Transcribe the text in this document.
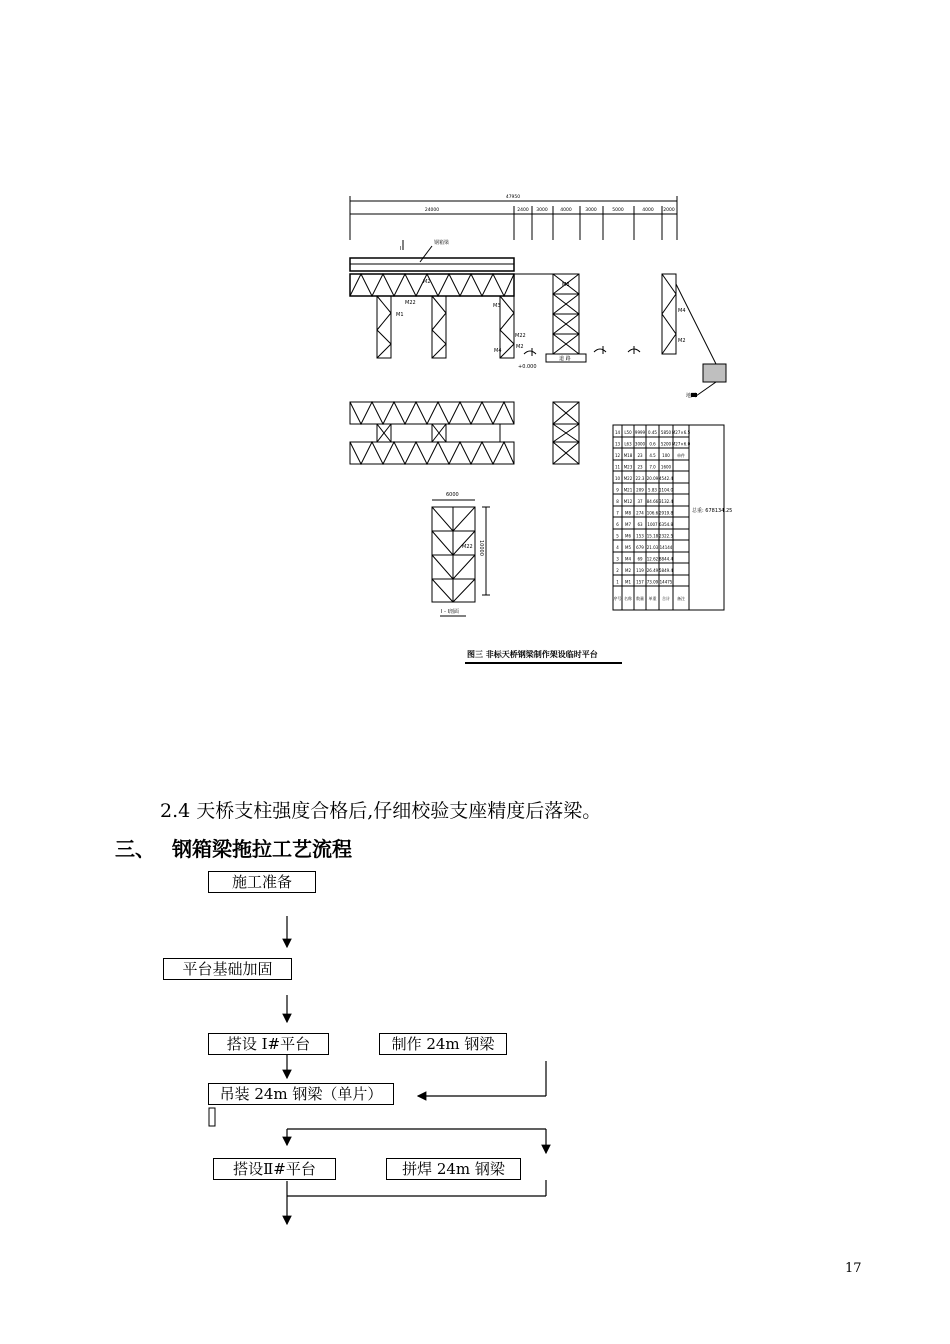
47950
24000	2400 3000	4000	3000	5000	4000 2000
Ⅰ
钢箱梁
M2
M22
M1
M3
M22
M4
M2
M3
M4
M2
道 路
+0.000
地面
6000
M22 10000
Ⅰ - Ⅰ剖面
总重: 678134.25
14 L50 9999 0.45 5850 M27×6.5
13 L63 3000 0.6 5200 M27×6.0
12 M18 23 4.5 100 单件
11 M23 23 7.0 1600
10 M22 22.3 20.09 4542.4
9 M21 209 5.83 1104.0
8 M12 37 84.66 3132.4
7 M8 274 106.6 2919.8
6 M7 63 1007 6354.8
5 M6 153 15.18 2322.5
4 M5 679 21.03 14144
3 M4 69 12.62 8844.4
2 M2 119 26.49 5849.4
1 M1 157 73.09 14475
序号 名称 数量 单重 合计 备注
图三 非标天桥钢梁制作架设临时平台
2.4 天桥支柱强度合格后,仔细校验支座精度后落梁。
三、 钢箱梁拖拉工艺流程
施工准备
平台基础加固
搭设 Ⅰ#平台	制作 24m 钢梁
吊装 24m 钢梁（单片）
搭设Ⅱ#平台	拼焊 24m 钢梁
17
